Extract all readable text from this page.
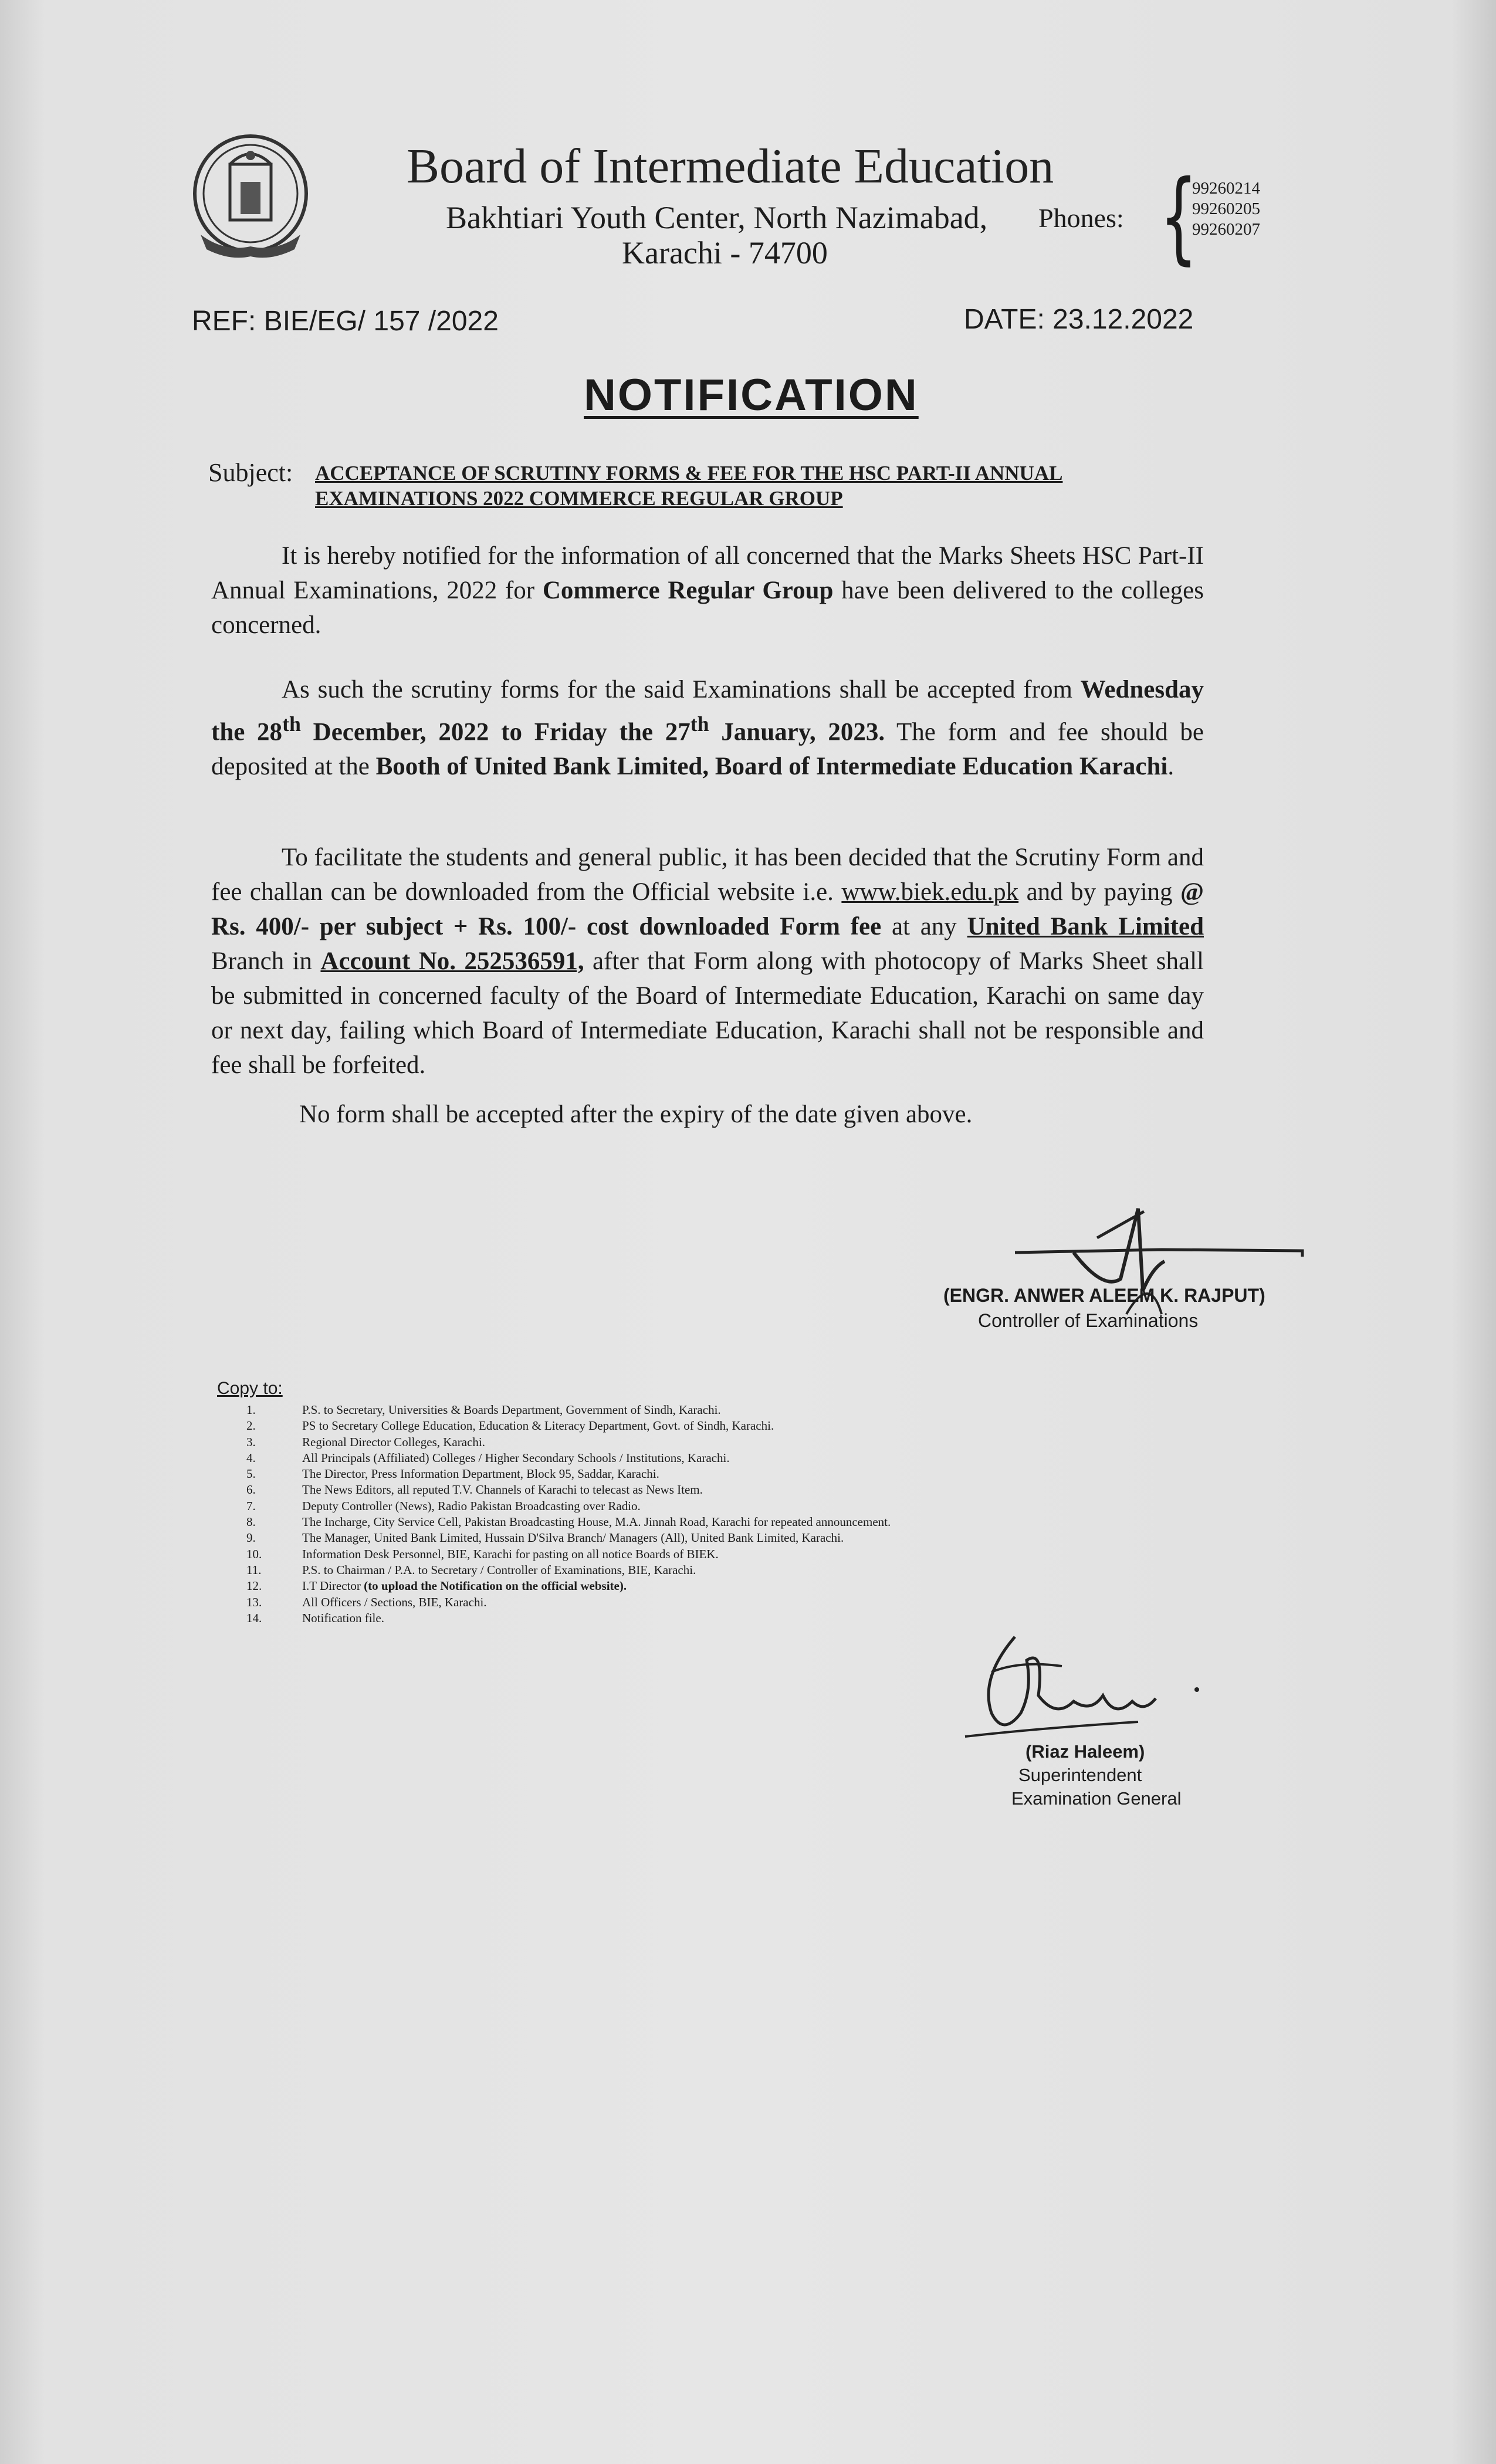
Board of Intermediate Education
Bakhtiari Youth Center, North Nazimabad,
Karachi - 74700
Phones: {
99260214
99260205
99260207
REF: BIE/EG/ 157 /2022	DATE: 23.12.2022
NOTIFICATION
Subject: ACCEPTANCE OF SCRUTINY FORMS & FEE FOR THE HSC PART-II ANNUAL EXAMINATIONS 2022 COMMERCE REGULAR GROUP
It is hereby notified for the information of all concerned that the Marks Sheets HSC Part-II Annual Examinations, 2022 for Commerce Regular Group have been delivered to the colleges concerned.
As such the scrutiny forms for the said Examinations shall be accepted from Wednesday the 28th December, 2022 to Friday the 27th January, 2023. The form and fee should be deposited at the Booth of United Bank Limited, Board of Intermediate Education Karachi.
To facilitate the students and general public, it has been decided that the Scrutiny Form and fee challan can be downloaded from the Official website i.e. www.biek.edu.pk and by paying @ Rs. 400/- per subject + Rs. 100/- cost downloaded Form fee at any United Bank Limited Branch in Account No. 252536591, after that Form along with photocopy of Marks Sheet shall be submitted in concerned faculty of the Board of Intermediate Education, Karachi on same day or next day, failing which Board of Intermediate Education, Karachi shall not be responsible and fee shall be forfeited.
No form shall be accepted after the expiry of the date given above.
(ENGR. ANWER ALEEM K. RAJPUT)
Controller of Examinations
Copy to:
1.	P.S. to Secretary, Universities & Boards Department, Government of Sindh, Karachi.
2.	PS to Secretary College Education, Education & Literacy Department, Govt. of Sindh, Karachi.
3.	Regional Director Colleges, Karachi.
4.	All Principals (Affiliated) Colleges / Higher Secondary Schools / Institutions, Karachi.
5.	The Director, Press Information Department, Block 95, Saddar, Karachi.
6.	The News Editors, all reputed T.V. Channels of Karachi to telecast as News Item.
7.	Deputy Controller (News), Radio Pakistan Broadcasting over Radio.
8.	The Incharge, City Service Cell, Pakistan Broadcasting House, M.A. Jinnah Road, Karachi for repeated announcement.
9.	The Manager, United Bank Limited, Hussain D'Silva Branch/ Managers (All), United Bank Limited, Karachi.
10.	Information Desk Personnel, BIE, Karachi for pasting on all notice Boards of BIEK.
11.	P.S. to Chairman / P.A. to Secretary / Controller of Examinations, BIE, Karachi.
12.	I.T Director (to upload the Notification on the official website).
13.	All Officers / Sections, BIE, Karachi.
14.	Notification file.
(Riaz Haleem)
Superintendent
Examination General
